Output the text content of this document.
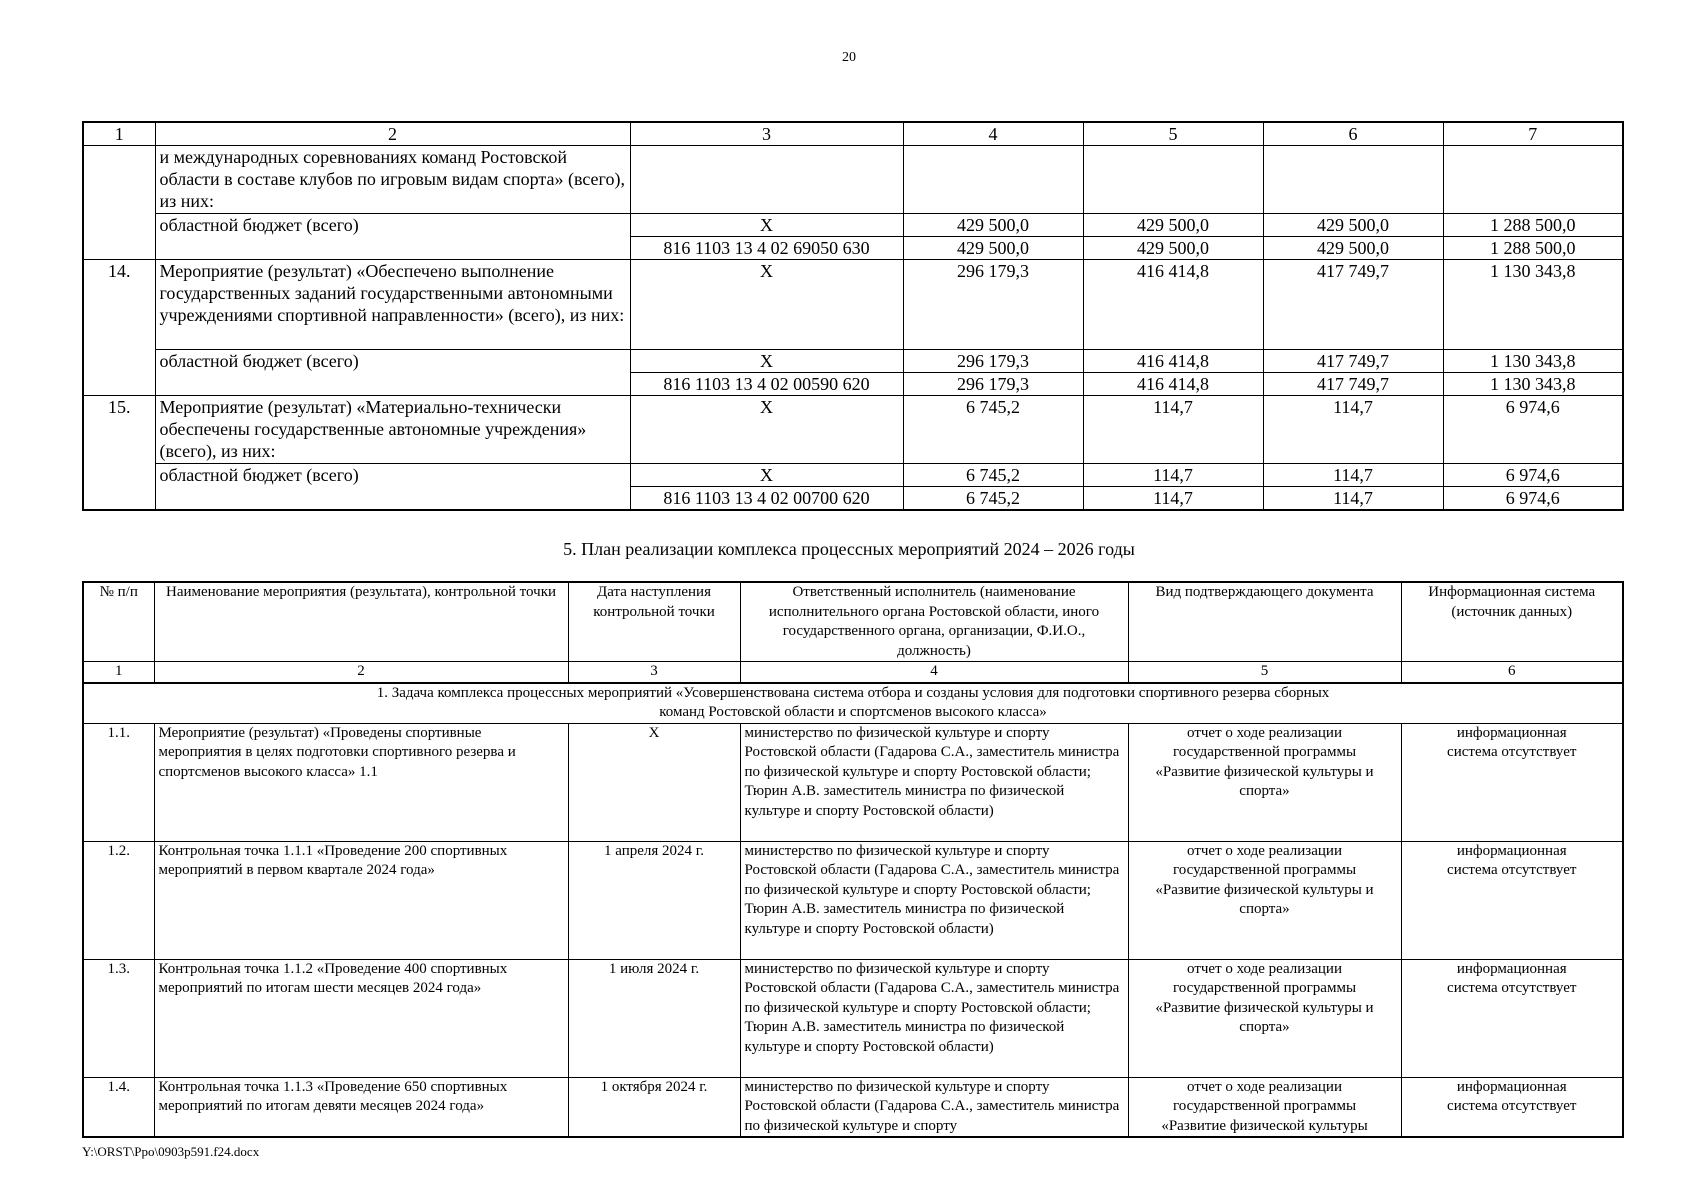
20
1	2	3	4	5	6	7
	и международных соревнованиях команд Ростовской области в составе клубов по игровым видам спорта» (всего), из них:					
	областной бюджет (всего)	X	429 500,0	429 500,0	429 500,0	1 288 500,0
		816 1103 13 4 02 69050 630	429 500,0	429 500,0	429 500,0	1 288 500,0
14.	Мероприятие (результат) «Обеспечено выполнение государственных заданий государственными автономными учреждениями спортивной направленности» (всего), из них:	X	296 179,3	416 414,8	417 749,7	1 130 343,8
	областной бюджет (всего)	X	296 179,3	416 414,8	417 749,7	1 130 343,8
		816 1103 13 4 02 00590 620	296 179,3	416 414,8	417 749,7	1 130 343,8
15.	Мероприятие (результат) «Материально-технически обеспечены государственные автономные учреждения» (всего), из них:	X	6 745,2	114,7	114,7	6 974,6
	областной бюджет (всего)	X	6 745,2	114,7	114,7	6 974,6
		816 1103 13 4 02 00700 620	6 745,2	114,7	114,7	6 974,6
5. План реализации комплекса процессных мероприятий 2024 – 2026 годы
№ п/п	Наименование мероприятия (результата), контрольной точки	Дата наступления контрольной точки	Ответственный исполнитель (наименование исполнительного органа Ростовской области, иного государственного органа, организации, Ф.И.О., должность)	Вид подтверждающего документа	Информационная система (источник данных)
1	2	3	4	5	6
1. Задача комплекса процессных мероприятий «Усовершенствована система отбора и созданы условия для подготовки спортивного резерва сборных команд Ростовской области и спортсменов высокого класса»					
1.1.	Мероприятие (результат) «Проведены спортивные мероприятия в целях подготовки спортивного резерва и спортсменов высокого класса» 1.1	X	министерство по физической культуре и спорту Ростовской области (Гадарова С.А., заместитель министра по физической культуре и спорту Ростовской области; Тюрин А.В. заместитель министра по физической культуре и спорту Ростовской области)	отчет о ходе реализации государственной программы «Развитие физической культуры и спорта»	информационная система отсутствует
1.2.	Контрольная точка 1.1.1 «Проведение 200 спортивных мероприятий в первом квартале 2024 года»	1 апреля 2024 г.	министерство по физической культуре и спорту Ростовской области (Гадарова С.А., заместитель министра по физической культуре и спорту Ростовской области; Тюрин А.В. заместитель министра по физической культуре и спорту Ростовской области)	отчет о ходе реализации государственной программы «Развитие физической культуры и спорта»	информационная система отсутствует
1.3.	Контрольная точка 1.1.2 «Проведение 400 спортивных мероприятий по итогам шести месяцев 2024 года»	1 июля 2024 г.	министерство по физической культуре и спорту Ростовской области (Гадарова С.А., заместитель министра по физической культуре и спорту Ростовской области; Тюрин А.В. заместитель министра по физической культуре и спорту Ростовской области)	отчет о ходе реализации государственной программы «Развитие физической культуры и спорта»	информационная система отсутствует
1.4.	Контрольная точка 1.1.3 «Проведение 650 спортивных мероприятий по итогам девяти месяцев 2024 года»	1 октября 2024 г.	министерство по физической культуре и спорту Ростовской области (Гадарова С.А., заместитель министра по физической культуре и спорту	отчет о ходе реализации государственной программы «Развитие физической культуры	информационная система отсутствует
Y:\ORST\Ppo\0903p591.f24.docx
